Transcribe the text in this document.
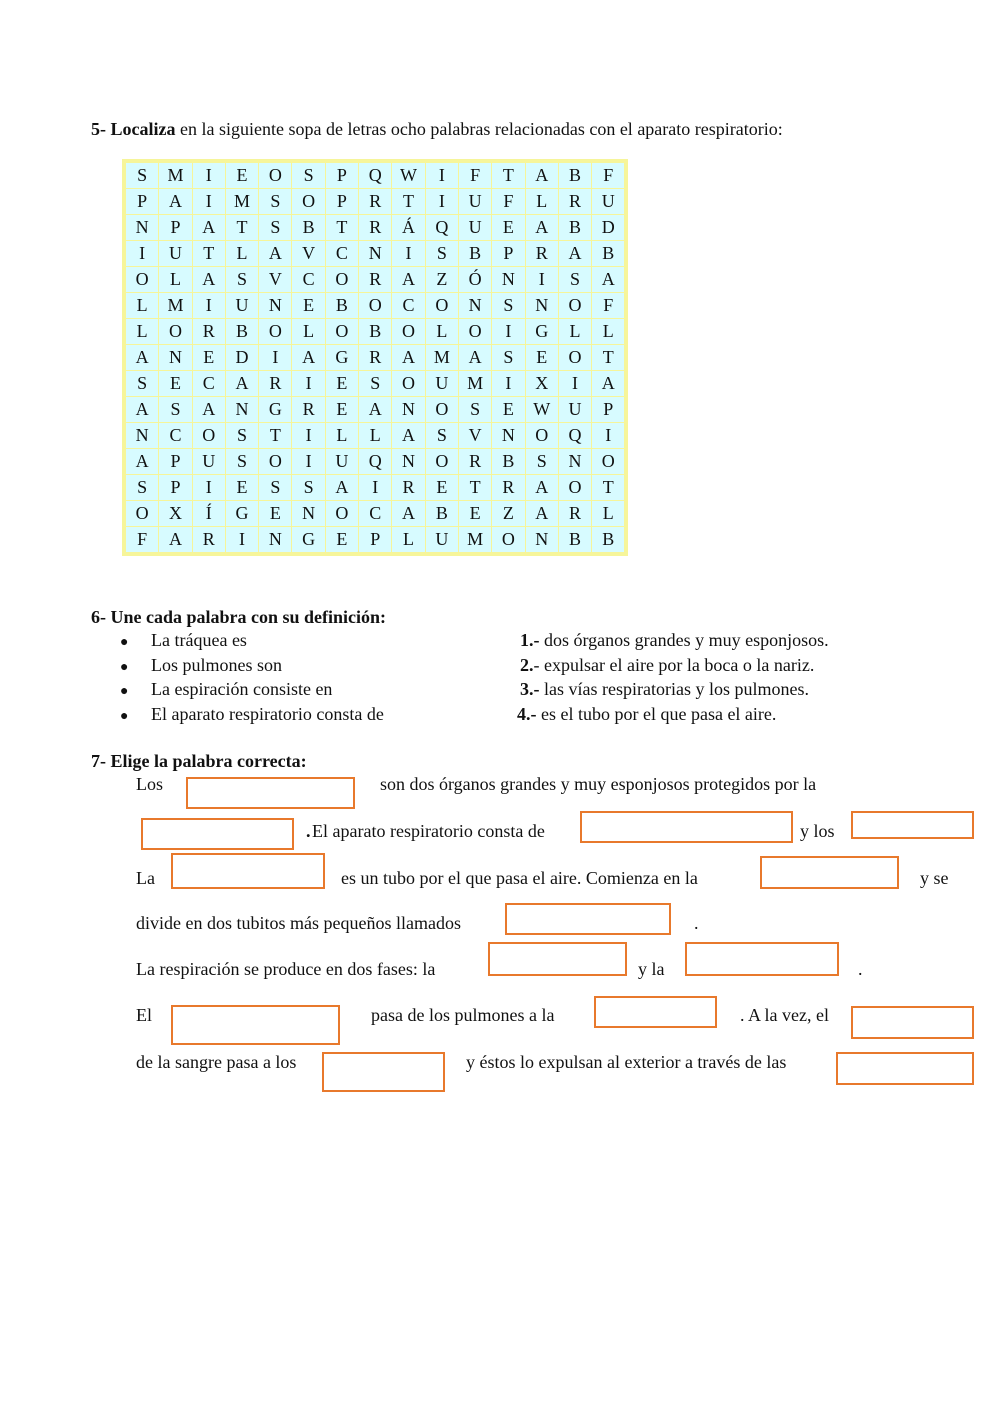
5- Localiza en la siguiente sopa de letras ocho palabras relacionadas con el aparato respiratorio:
S	M	I	E	O	S	P	Q	W	I	F	T	A	B	F
P	A	I	M	S	O	P	R	T	I	U	F	L	R	U
N	P	A	T	S	B	T	R	Á	Q	U	E	A	B	D
I	U	T	L	A	V	C	N	I	S	B	P	R	A	B
O	L	A	S	V	C	O	R	A	Z	Ó	N	I	S	A
L	M	I	U	N	E	B	O	C	O	N	S	N	O	F
L	O	R	B	O	L	O	B	O	L	O	I	G	L	L
A	N	E	D	I	A	G	R	A	M	A	S	E	O	T
S	E	C	A	R	I	E	S	O	U	M	I	X	I	A
A	S	A	N	G	R	E	A	N	O	S	E	W	U	P
N	C	O	S	T	I	L	L	A	S	V	N	O	Q	I
A	P	U	S	O	I	U	Q	N	O	R	B	S	N	O
S	P	I	E	S	S	A	I	R	E	T	R	A	O	T
O	X	Í	G	E	N	O	C	A	B	E	Z	A	R	L
F	A	R	I	N	G	E	P	L	U	M	O	N	B	B
6- Une cada palabra con su definición:
● La tráquea es
● Los pulmones son
● La espiración consiste en
● El aparato respiratorio consta de
1.- dos órganos grandes y muy esponjosos.
2.- expulsar el aire por la boca o la nariz.
3.- las vías respiratorias y los pulmones.
4.- es el tubo por el que pasa el aire.
7- Elige la palabra correcta:
Los	son dos órganos grandes y muy esponjosos protegidos por la
. El aparato respiratorio consta de	y los
La	es un tubo por el que pasa el aire. Comienza en la	y se
divide en dos tubitos más pequeños llamados	.
La respiración se produce en dos fases: la	y la	.
El	pasa de los pulmones a la	. A la vez, el
de la sangre pasa a los	y éstos lo expulsan al exterior a través de las
